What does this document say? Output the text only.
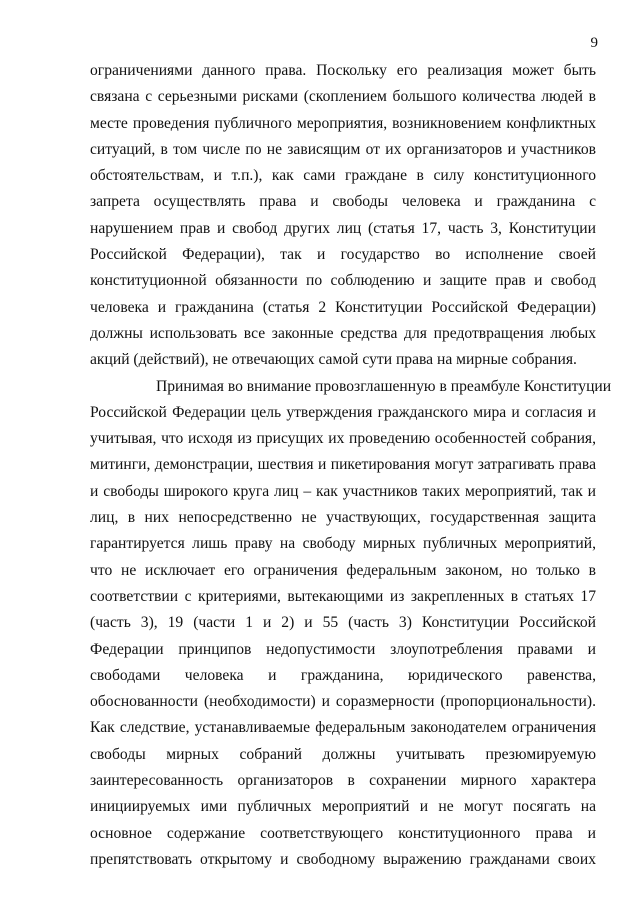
9
ограничениями данного права. Поскольку его реализация может быть
связана с серьезными рисками (скоплением большого количества людей в
месте проведения публичного мероприятия, возникновением конфликтных
ситуаций, в том числе по не зависящим от их организаторов и участников
обстоятельствам, и т.п.), как сами граждане в силу конституционного
запрета осуществлять права и свободы человека и гражданина с
нарушением прав и свобод других лиц (статья 17, часть 3, Конституции
Российской Федерации), так и государство во исполнение своей
конституционной обязанности по соблюдению и защите прав и свобод
человека и гражданина (статья 2 Конституции Российской Федерации)
должны использовать все законные средства для предотвращения любых
акций (действий), не отвечающих самой сути права на мирные собрания.
Принимая во внимание провозглашенную в преамбуле Конституции
Российской Федерации цель утверждения гражданского мира и согласия и
учитывая, что исходя из присущих их проведению особенностей собрания,
митинги, демонстрации, шествия и пикетирования могут затрагивать права
и свободы широкого круга лиц – как участников таких мероприятий, так и
лиц, в них непосредственно не участвующих, государственная защита
гарантируется лишь праву на свободу мирных публичных мероприятий,
что не исключает его ограничения федеральным законом, но только в
соответствии с критериями, вытекающими из закрепленных в статьях 17
(часть 3), 19 (части 1 и 2) и 55 (часть 3) Конституции Российской
Федерации принципов недопустимости злоупотребления правами и
свободами человека и гражданина, юридического равенства,
обоснованности (необходимости) и соразмерности (пропорциональности).
Как следствие, устанавливаемые федеральным законодателем ограничения
свободы мирных собраний должны учитывать презюмируемую
заинтересованность организаторов в сохранении мирного характера
инициируемых ими публичных мероприятий и не могут посягать на
основное содержание соответствующего конституционного права и
препятствовать открытому и свободному выражению гражданами своих
